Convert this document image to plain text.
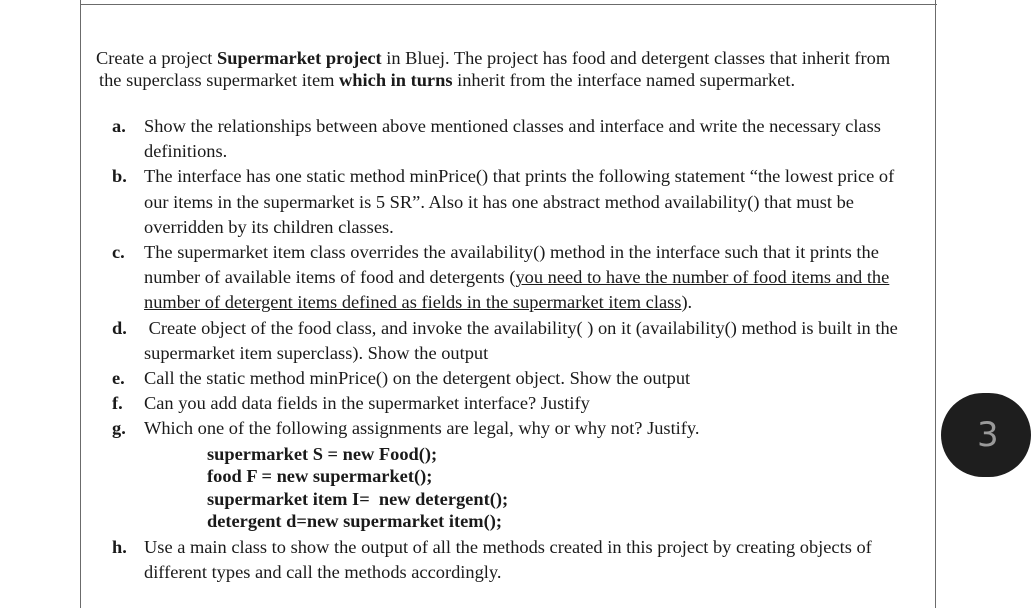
Create a project Supermarket project in Bluej. The project has food and detergent classes that inherit from
the superclass supermarket item which in turns inherit from the interface named supermarket.
a. Show the relationships between above mentioned classes and interface and write the necessary class definitions.
b. The interface has one static method minPrice() that prints the following statement “the lowest price of our items in the supermarket is 5 SR”. Also it has one abstract method availability() that must be overridden by its children classes.
c. The supermarket item class overrides the availability() method in the interface such that it prints the number of available items of food and detergents (you need to have the number of food items and the number of detergent items defined as fields in the supermarket item class).
d. Create object of the food class, and invoke the availability( ) on it (availability() method is built in the supermarket item superclass). Show the output
e. Call the static method minPrice() on the detergent object. Show the output
f. Can you add data fields in the supermarket interface? Justify
g. Which one of the following assignments are legal, why or why not? Justify.
supermarket S = new Food();
food F = new supermarket();
supermarket item I=  new detergent();
detergent d=new supermarket item();
h. Use a main class to show the output of all the methods created in this project by creating objects of different types and call the methods accordingly.
3
